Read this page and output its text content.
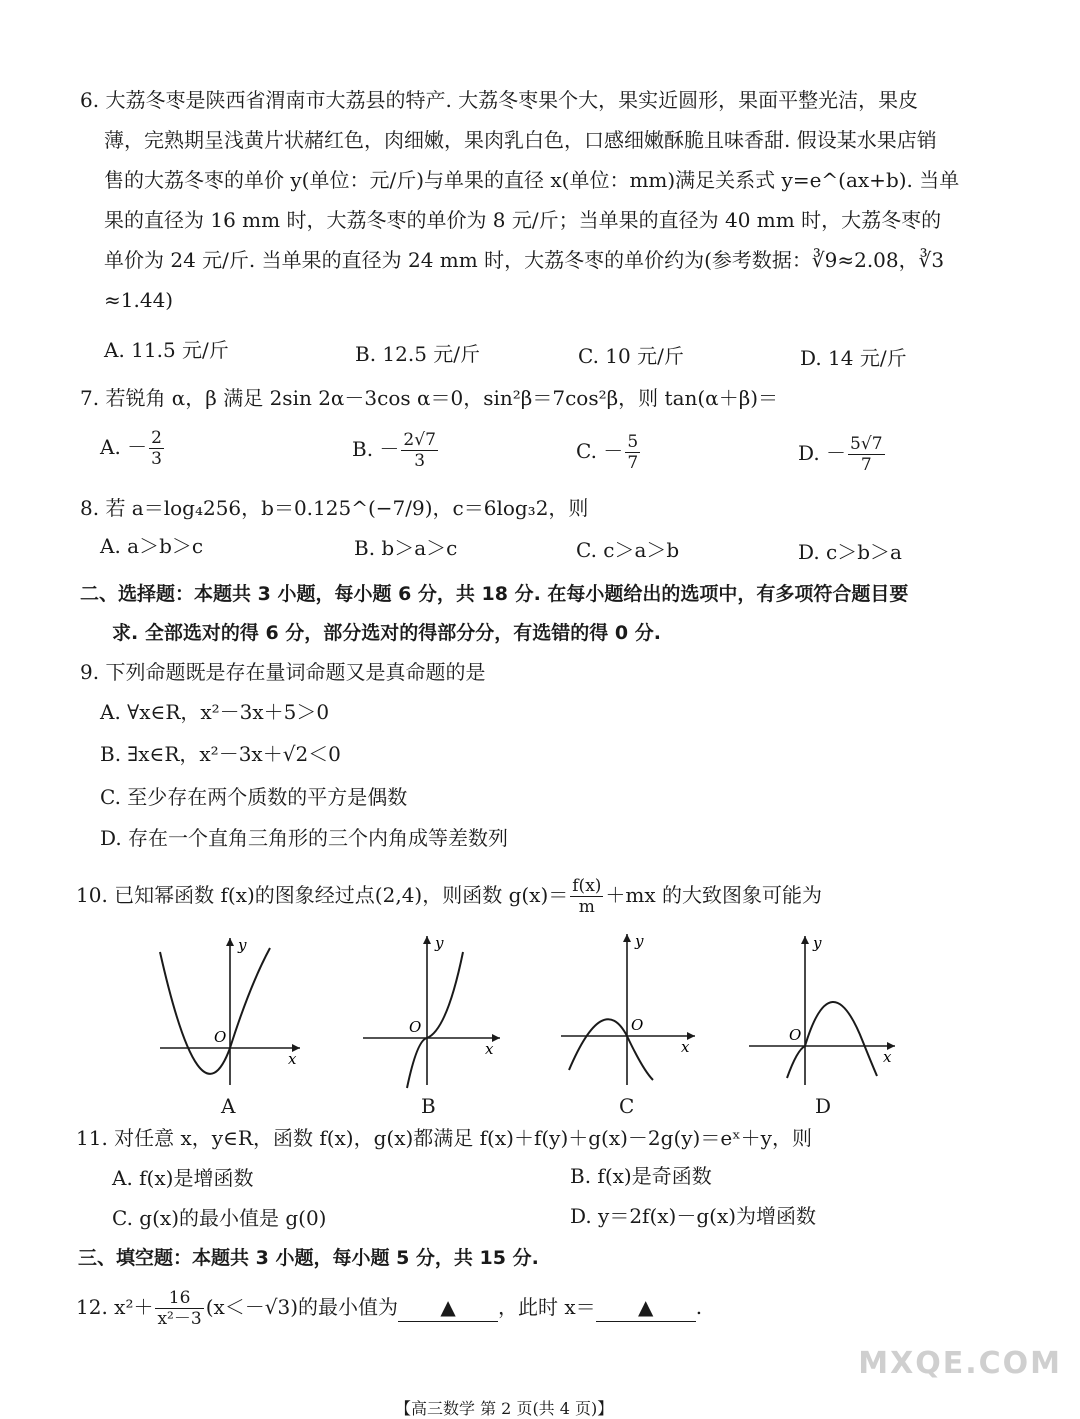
6. 大荔冬枣是陕西省渭南市大荔县的特产. 大荔冬枣果个大，果实近圆形，果面平整光洁，果皮
薄，完熟期呈浅黄片状赭红色，肉细嫩，果肉乳白色，口感细嫩酥脆且味香甜. 假设某水果店销
售的大荔冬枣的单价 y(单位：元/斤)与单果的直径 x(单位：mm)满足关系式 y=e^(ax+b). 当单
果的直径为 16 mm 时，大荔冬枣的单价为 8 元/斤；当单果的直径为 40 mm 时，大荔冬枣的
单价为 24 元/斤. 当单果的直径为 24 mm 时，大荔冬枣的单价约为(参考数据：∛9≈2.08，∛3
≈1.44)
A. 11.5 元/斤	B. 12.5 元/斤	C. 10 元/斤	D. 14 元/斤
7. 若锐角 α，β 满足 2sin 2α－3cos α＝0，sin²β＝7cos²β，则 tan(α＋β)＝
A. － $\frac{2}{3}$	B. － $\frac{2√7}{3}$	C. － $\frac{5}{7}$	D. － $\frac{5√7}{7}$
8. 若 a＝log₄256，b＝0.125^(−7/9)，c＝6log₃2，则
A. a＞b＞c	B. b＞a＞c	C. c＞a＞b	D. c＞b＞a
二、选择题：本题共 3 小题，每小题 6 分，共 18 分. 在每小题给出的选项中，有多项符合题目要
求. 全部选对的得 6 分，部分选对的得部分分，有选错的得 0 分.
9. 下列命题既是存在量词命题又是真命题的是
A. ∀x∈R，x²－3x＋5＞0
B. ∃x∈R，x²－3x＋√2＜0
C. 至少存在两个质数的平方是偶数
D. 存在一个直角三角形的三个内角成等差数列
10. 已知幂函数 f(x)的图象经过点(2,4)，则函数 $g(x)= \frac{f(x)}{m} +mx$ 的大致图象可能为
y
x
O
A
y
x
O
B
y
x
O
C
y
x
O
D
11. 对任意 x，y∈R，函数 f(x)，g(x)都满足 f(x)＋f(y)＋g(x)－2g(y)＝eˣ＋y，则
A. f(x)是增函数	B. f(x)是奇函数
C. g(x)的最小值是 g(0)	D. y＝2f(x)－g(x)为增函数
三、填空题：本题共 3 小题，每小题 5 分，共 15 分.
12. $x^2+ \frac{16}{\text{x²－3}} (x<-√3)$的最小值为 ▲ ，此时 x＝ ▲ .
MXQE.COM
【高三数学 第 2 页(共 4 页)】
